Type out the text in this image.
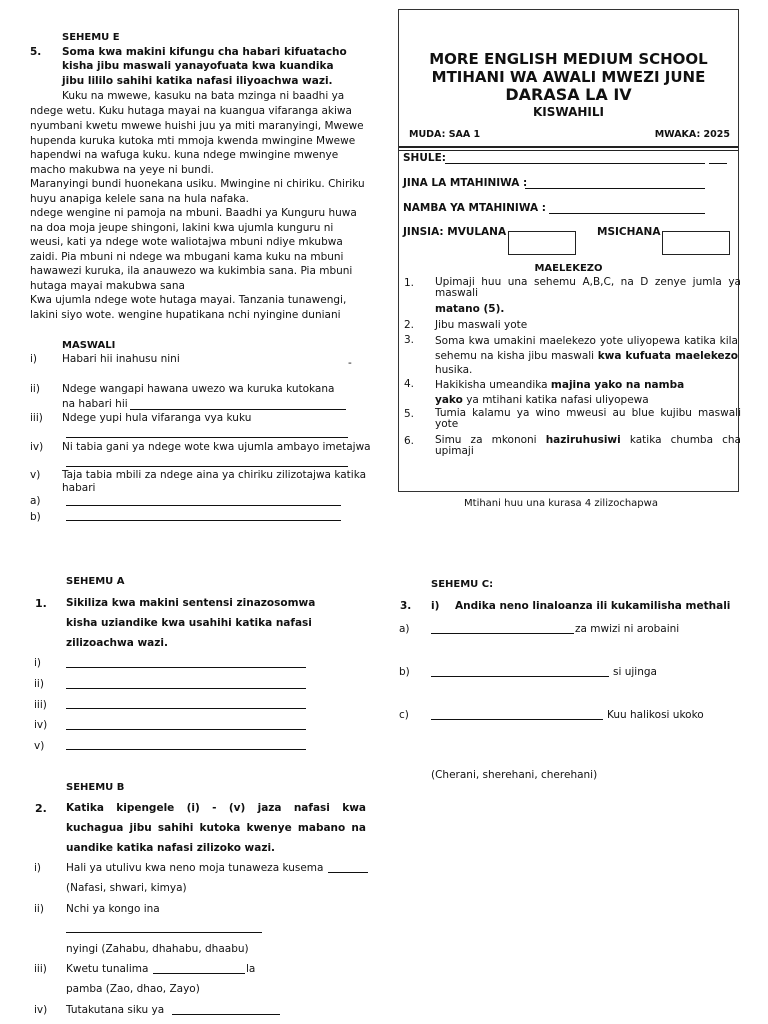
MORE ENGLISH MEDIUM SCHOOL
MTIHANI WA AWALI MWEZI JUNE
DARASA LA IV
KISWAHILI
MUDA: SAA 1	MWAKA: 2025
SHULE:
JINA LA MTAHINIWA :
NAMBA YA MTAHINIWA :
JINSIA: MVULANA	MSICHANA
MAELEKEZO
1. Upimaji huu una sehemu A,B,C, na D zenye jumla ya maswali
matano (5).
2. Jibu maswali yote
3. Soma kwa umakini maelekezo yote uliyopewa katika kila sehemu na kisha jibu maswali kwa kufuata maelekezo husika.
4. Hakikisha umeandika majina yako na namba yako ya mtihani katika nafasi uliyopewa
5. Tumia kalamu ya wino mweusi au blue kujibu maswali yote
6. Simu za mkononi haziruhusiwi katika chumba cha upimaji
Mtihani huu una kurasa 4 zilizochapwa
SEHEMU E
5. Soma kwa makini kifungu cha habari kifuatacho
kisha jibu maswali yanayofuata kwa kuandika
jibu lililo sahihi katika nafasi iliyoachwa wazi.
Kuku na mwewe, kasuku na bata mzinga ni baadhi ya
ndege wetu. Kuku hutaga mayai na kuangua vifaranga akiwa
nyumbani kwetu mwewe huishi juu ya miti maranyingi, Mwewe
hupenda kuruka kutoka mti mmoja kwenda mwingine Mwewe
hapendwi na wafuga kuku. kuna ndege mwingine mwenye
macho makubwa na yeye ni bundi.
Maranyingi bundi huonekana usiku. Mwingine ni chiriku. Chiriku
huyu anapiga kelele sana na hula nafaka.
ndege wengine ni pamoja na mbuni. Baadhi ya Kunguru huwa
na doa moja jeupe shingoni, lakini kwa ujumla kunguru ni
weusi, kati ya ndege wote waliotajwa mbuni ndiye mkubwa
zaidi. Pia mbuni ni ndege wa mbugani kama kuku na mbuni
hawawezi kuruka, ila anauwezo wa kukimbia sana. Pia mbuni
hutaga mayai makubwa sana
Kwa ujumla ndege wote hutaga mayai. Tanzania tunawengi,
lakini siyo wote. wengine hupatikana nchi nyingine duniani
MASWALI
i) Habari hii inahusu nini	-
ii) Ndege wangapi hawana uwezo wa kuruka kutokana
na habari hii
iii) Ndege yupi hula vifaranga vya kuku
iv) Ni tabia gani ya ndege wote kwa ujumla ambayo imetajwa
v) Taja tabia mbili za ndege aina ya chiriku zilizotajwa katika
habari
a)
b)
SEHEMU A
1. Sikiliza kwa makini sentensi zinazosomwa
kisha uziandike kwa usahihi katika nafasi
zilizoachwa wazi.
i)
ii)
iii)
iv)
v)
SEHEMU B
2. Katika kipengele (i) - (v) jaza nafasi kwa
kuchagua jibu sahihi kutoka kwenye mabano na
uandike katika nafasi zilizoko wazi.
i) Hali ya utulivu kwa neno moja tunaweza kusema
(Nafasi, shwari, kimya)
ii) Nchi ya kongo ina
nyingi (Zahabu, dhahabu, dhaabu)
iii) Kwetu tunalima	la
pamba (Zao, dhao, Zayo)
iv) Tutakutana siku ya
SEHEMU C:
3. i) Andika neno linaloanza ili kukamilisha methali
a)	za mwizi ni arobaini
b)	si ujinga
c)	Kuu halikosi ukoko
(Cherani, sherehani, cherehani)
